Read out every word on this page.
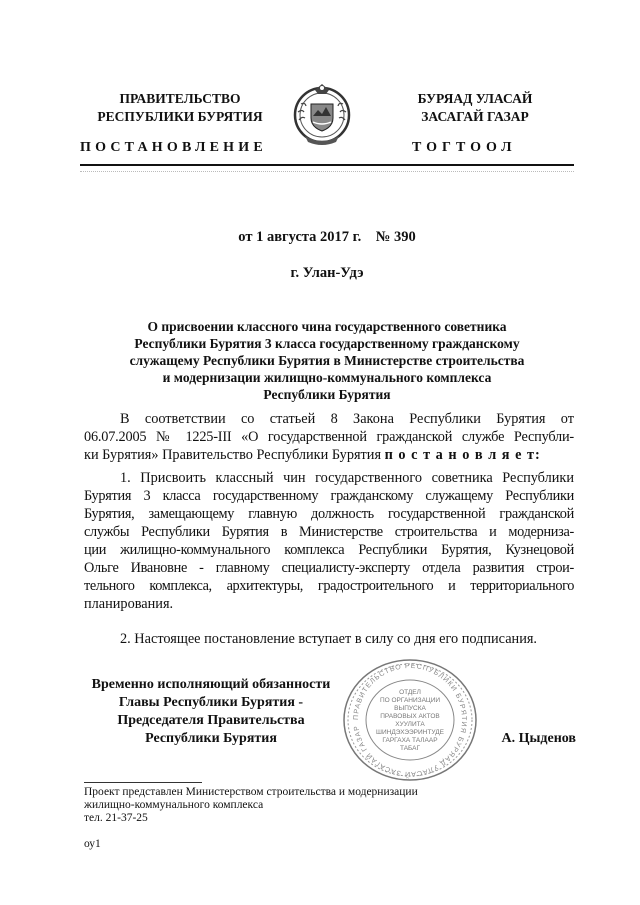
ПРАВИТЕЛЬСТВО
РЕСПУБЛИКИ БУРЯТИЯ
БУРЯАД УЛАСАЙ
ЗАСАГАЙ ГАЗАР
ПОСТАНОВЛЕНИЕ	ТОГТООЛ
от 1 августа 2017 г.    № 390
г. Улан-Удэ
О присвоении классного чина государственного советника
Республики Бурятия 3 класса государственному гражданскому
служащему Республики Бурятия в Министерстве строительства
и модернизации жилищно-коммунального комплекса
Республики Бурятия
В соответствии со статьей 8 Закона Республики Бурятия от
06.07.2005 № 1225-III «О государственной гражданской службе Республи-
ки Бурятия» Правительство Республики Бурятия п о с т а н о в л я е т:
1. Присвоить классный чин государственного советника Республики
Бурятия 3 класса государственному гражданскому служащему Республики
Бурятия, замещающему главную должность государственной гражданской
службы Республики Бурятия в Министерстве строительства и модерниза-
ции жилищно-коммунального комплекса Республики Бурятия, Кузнецовой
Ольге Ивановне - главному специалисту-эксперту отдела развития строи-
тельного комплекса, архитектуры, градостроительного и территориального
планирования.
2. Настоящее постановление вступает в силу со дня его подписания.
Временно исполняющий обязанности
Главы Республики Бурятия -
Председателя Правительства
Республики Бурятия
ПРАВИТЕЛЬСТВО РЕСПУБЛИКИ БУРЯТИЯ БУРЯАД УЛАСАЙ ЗАСАГАЙ ГАЗАР
ОТДЕЛ
ПО ОРГАНИЗАЦИИ
ВЫПУСКА
ПРАВОВЫХ АКТОВ
ХУУЛИТА
ШИНДЭХЭЭРИНТУДЕ
ГАРГАХА ТАЛААР
ТАБАГ
А. Цыденов
Проект представлен Министерством строительства и модернизации
жилищно-коммунального комплекса
тел. 21-37-25
оу1
